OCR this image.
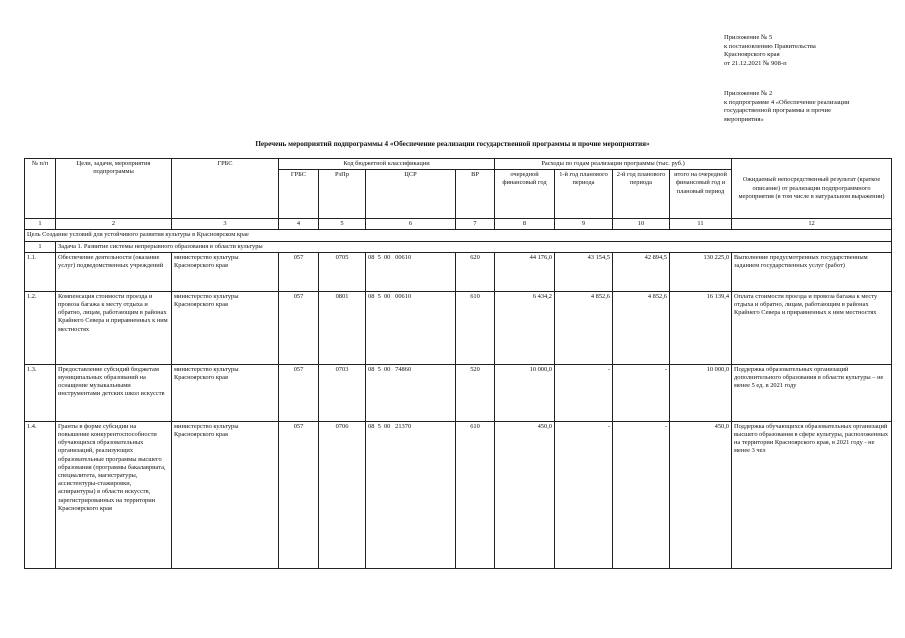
Приложение № 5
к постановлению Правительства
Красноярского края
от 21.12.2021 № 908-п
Приложение № 2
к подпрограмме 4 «Обеспечение реализации
государственной программы и прочие
мероприятия»
Перечень мероприятий подпрограммы 4 «Обеспечение реализации государственной программы и прочие мероприятия»
№ п/п	Цели, задачи, мероприятия подпрограммы	ГРБС	Код бюджетной классификации				Расходы по годам реализации программы (тыс. руб.)				Ожидаемый непосредственный результат (краткое описание) от реализации подпрограммного мероприятия (в том числе в натуральном выражении)
			ГРБС	РзПр	ЦСР	ВР	очередной финансовый год	1-й год планового периода	2-й год планового периода	итого на очередной финансовый год и плановый период	
1	2	3	4	5	6	7	8	9	10	11	12
Цель Создание условий для устойчивого развития культуры в Красноярском крае											
1	Задача 1. Развитие системы непрерывного образования в области культуры										
1.1.	Обеспечение деятельности (оказание услуг) подведомственных учреждений	министерство культуры Красноярского края	057	0705	08  5  00   00610	620	44 176,0	43 154,5	42 894,5	130 225,0	Выполнение предусмотренных государственным заданием государственных услуг (работ)
1.2.	Компенсация стоимости проезда и провоза багажа к месту отдыха и обратно, лицам, работающим в районах Крайнего Севера и приравненных к ним местностях	министерство культуры Красноярского края	057	0801	08  5  00   00610	610	6 434,2	4 852,6	4 852,6	16 139,4	Оплата стоимости проезда и провоза багажа к месту отдыха и обратно, лицам, работающим в районах Крайнего Севера и приравненных к ним местностях
1.3.	Предоставление субсидий бюджетам муниципальных образований на оснащение музыкальными инструментами детских школ искусств	министерство культуры Красноярского края	057	0703	08  5  00   74860	520	10 000,0	-	-	10 000,0	Поддержка образовательных организаций дополнительного образования в области культуры – не менее 5 ед. в 2021 году
1.4.	Гранты в форме субсидии на повышение конкурентоспособности обучающихся образовательных организаций, реализующих образовательные программы высшего образования (программы бакалавриата, специалитета, магистратуры, ассистентуры-стажировки, аспирантуры) в области искусств, зарегистрированных на территории Красноярского края	министерство культуры Красноярского края	057	0706	08  5  00   21370	610	450,0	-	-	450,0	Поддержка обучающихся образовательных организаций высшего образования в сфере культуры, расположенных на территории Красноярского края, в 2021 году - не менее 3 чел
